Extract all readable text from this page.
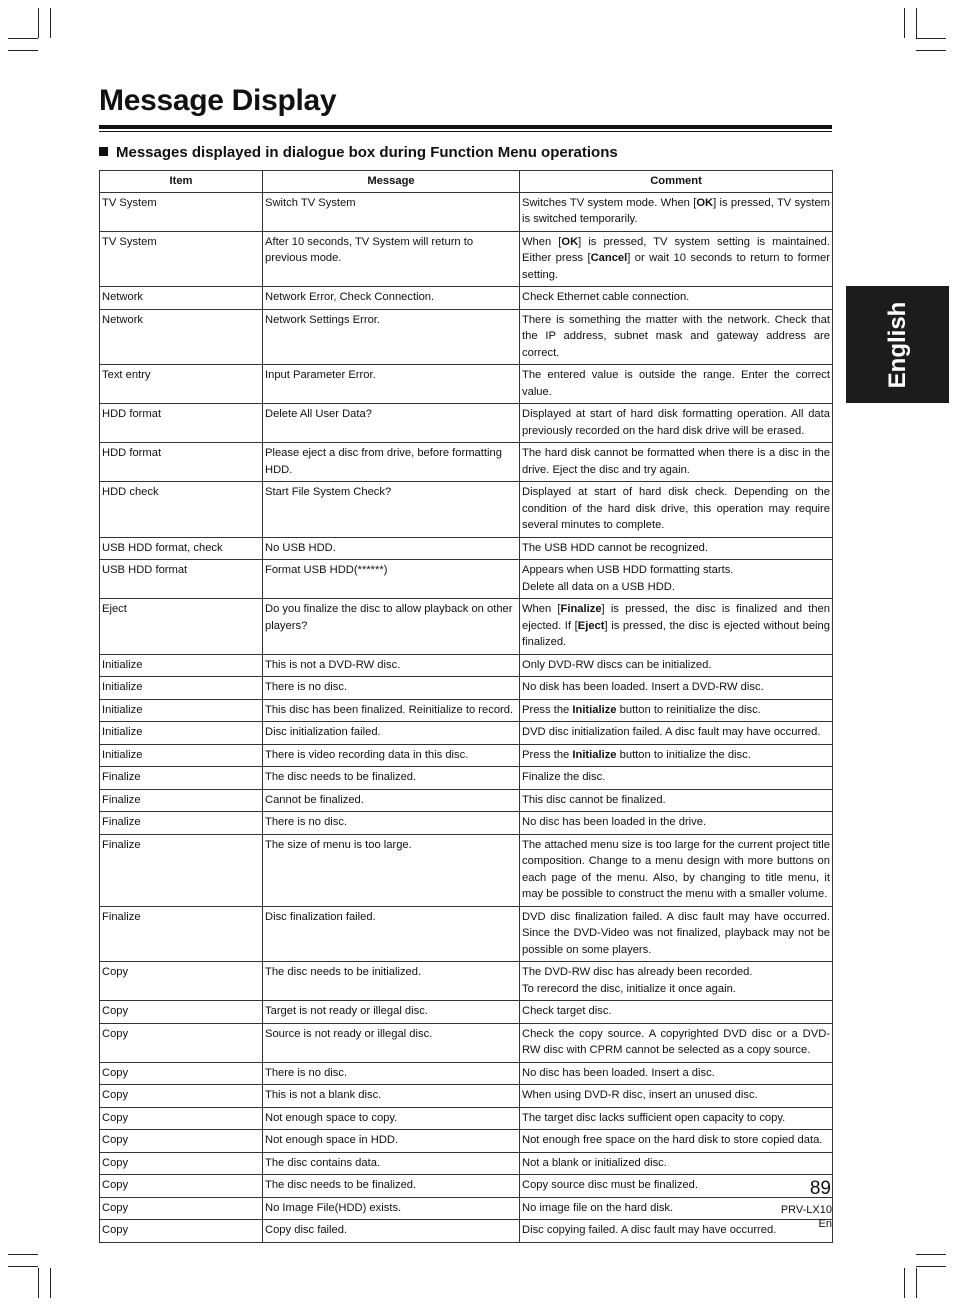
Message Display
Messages displayed in dialogue box during Function Menu operations
Item	Message	Comment
TV System	Switch TV System	Switches TV system mode. When [OK] is pressed, TV system is switched temporarily.
TV System	After 10 seconds, TV System will return to previous mode.	When [OK] is pressed, TV system setting is maintained. Either press [Cancel] or wait 10 seconds to return to former setting.
Network	Network Error, Check Connection.	Check Ethernet cable connection.
Network	Network Settings Error.	There is something the matter with the network. Check that the IP address, subnet mask and gateway address are correct.
Text entry	Input Parameter Error.	The entered value is outside the range. Enter the correct value.
HDD format	Delete All User Data?	Displayed at start of hard disk formatting operation. All data previously recorded on the hard disk drive will be erased.
HDD format	Please eject a disc from drive, before formatting HDD.	The hard disk cannot be formatted when there is a disc in the drive. Eject the disc and try again.
HDD check	Start File System Check?	Displayed at start of hard disk check. Depending on the condition of the hard disk drive, this operation may require several minutes to complete.
USB HDD format, check	No USB HDD.	The USB HDD cannot be recognized.
USB HDD format	Format USB HDD(******)	Appears when USB HDD formatting starts.
Delete all data on a USB HDD.
Eject	Do you finalize the disc to allow playback on other players?	When [Finalize] is pressed, the disc is finalized and then ejected. If [Eject] is pressed, the disc is ejected without being finalized.
Initialize	This is not a DVD-RW disc.	Only DVD-RW discs can be initialized.
Initialize	There is no disc.	No disk has been loaded. Insert a DVD-RW disc.
Initialize	This disc has been finalized. Reinitialize to record.	Press the Initialize button to reinitialize the disc.
Initialize	Disc initialization failed.	DVD disc initialization failed. A disc fault may have occurred.
Initialize	There is video recording data in this disc.	Press the Initialize button to initialize the disc.
Finalize	The disc needs to be finalized.	Finalize the disc.
Finalize	Cannot be finalized.	This disc cannot be finalized.
Finalize	There is no disc.	No disc has been loaded in the drive.
Finalize	The size of menu is too large.	The attached menu size is too large for the current project title composition. Change to a menu design with more buttons on each page of the menu. Also, by changing to title menu, it may be possible to construct the menu with a smaller volume.
Finalize	Disc finalization failed.	DVD disc finalization failed. A disc fault may have occurred. Since the DVD-Video was not finalized, playback may not be possible on some players.
Copy	The disc needs to be initialized.	The DVD-RW disc has already been recorded.
To rerecord the disc, initialize it once again.
Copy	Target is not ready or illegal disc.	Check target disc.
Copy	Source is not ready or illegal disc.	Check the copy source. A copyrighted DVD disc or a DVD-RW disc with CPRM cannot be selected as a copy source.
Copy	There is no disc.	No disc has been loaded. Insert a disc.
Copy	This is not a blank disc.	When using DVD-R disc, insert an unused disc.
Copy	Not enough space to copy.	The target disc lacks sufficient open capacity to copy.
Copy	Not enough space in HDD.	Not enough free space on the hard disk to store copied data.
Copy	The disc contains data.	Not a blank or initialized disc.
Copy	The disc needs to be finalized.	Copy source disc must be finalized.
Copy	No Image File(HDD) exists.	No image file on the hard disk.
Copy	Copy disc failed.	Disc copying failed. A disc fault may have occurred.
English
89
PRV-LX10
En
